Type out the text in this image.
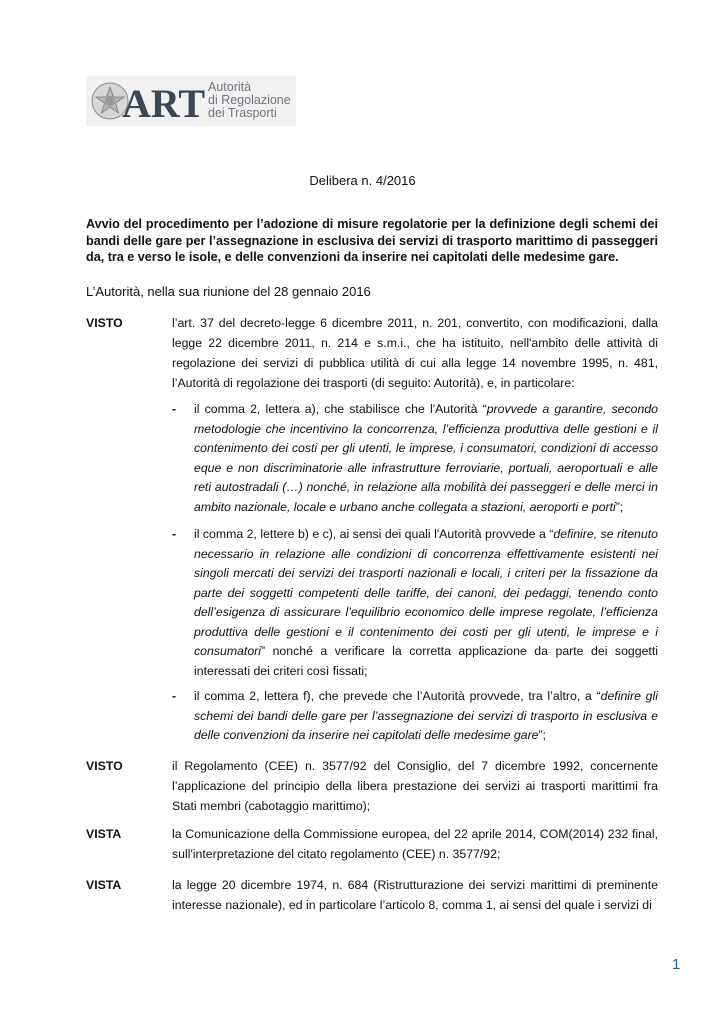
ART Autorità
di Regolazione
dei Trasporti
Delibera n. 4/2016
Avvio del procedimento per l’adozione di misure regolatorie per la definizione degli schemi dei bandi delle gare per l’assegnazione in esclusiva dei servizi di trasporto marittimo di passeggeri da, tra e verso le isole, e delle convenzioni da inserire nei capitolati delle medesime gare.
L’Autorità, nella sua riunione del 28 gennaio 2016
VISTO	l’art. 37 del decreto-legge 6 dicembre 2011, n. 201, convertito, con modificazioni, dalla legge 22 dicembre 2011, n. 214 e s.m.i., che ha istituito, nell'ambito delle attività di regolazione dei servizi di pubblica utilità di cui alla legge 14 novembre 1995, n. 481, l’Autorità di regolazione dei trasporti (di seguito: Autorità), e, in particolare:
- il comma 2, lettera a), che stabilisce che l'Autorità “provvede a garantire, secondo metodologie che incentivino la concorrenza, l’efficienza produttiva delle gestioni e il contenimento dei costi per gli utenti, le imprese, i consumatori, condizioni di accesso eque e non discriminatorie alle infrastrutture ferroviarie, portuali, aeroportuali e alle reti autostradali (…) nonché, in relazione alla mobilità dei passeggeri e delle merci in ambito nazionale, locale e urbano anche collegata a stazioni, aeroporti e porti”;
- il comma 2, lettere b) e c), ai sensi dei quali l'Autorità provvede a “definire, se ritenuto necessario in relazione alle condizioni di concorrenza effettivamente esistenti nei singoli mercati dei servizi dei trasporti nazionali e locali, i criteri per la fissazione da parte dei soggetti competenti delle tariffe, dei canoni, dei pedaggi, tenendo conto dell’esigenza di assicurare l’equilibrio economico delle imprese regolate, l’efficienza produttiva delle gestioni e il contenimento dei costi per gli utenti, le imprese e i consumatori” nonché a verificare la corretta applicazione da parte dei soggetti interessati dei criteri così fissati;
- il comma 2, lettera f), che prevede che l’Autorità provvede, tra l’altro, a “definire gli schemi dei bandi delle gare per l’assegnazione dei servizi di trasporto in esclusiva e delle convenzioni da inserire nei capitolati delle medesime gare”;
VISTO	il Regolamento (CEE) n. 3577/92 del Consiglio, del 7 dicembre 1992, concernente l’applicazione del principio della libera prestazione dei servizi ai trasporti marittimi fra Stati membri (cabotaggio marittimo);
VISTA	la Comunicazione della Commissione europea, del 22 aprile 2014, COM(2014) 232 final, sull'interpretazione del citato regolamento (CEE) n. 3577/92;
VISTA	la legge 20 dicembre 1974, n. 684 (Ristrutturazione dei servizi marittimi di preminente interesse nazionale), ed in particolare l’articolo 8, comma 1, ai sensi del quale i servizi di
1
